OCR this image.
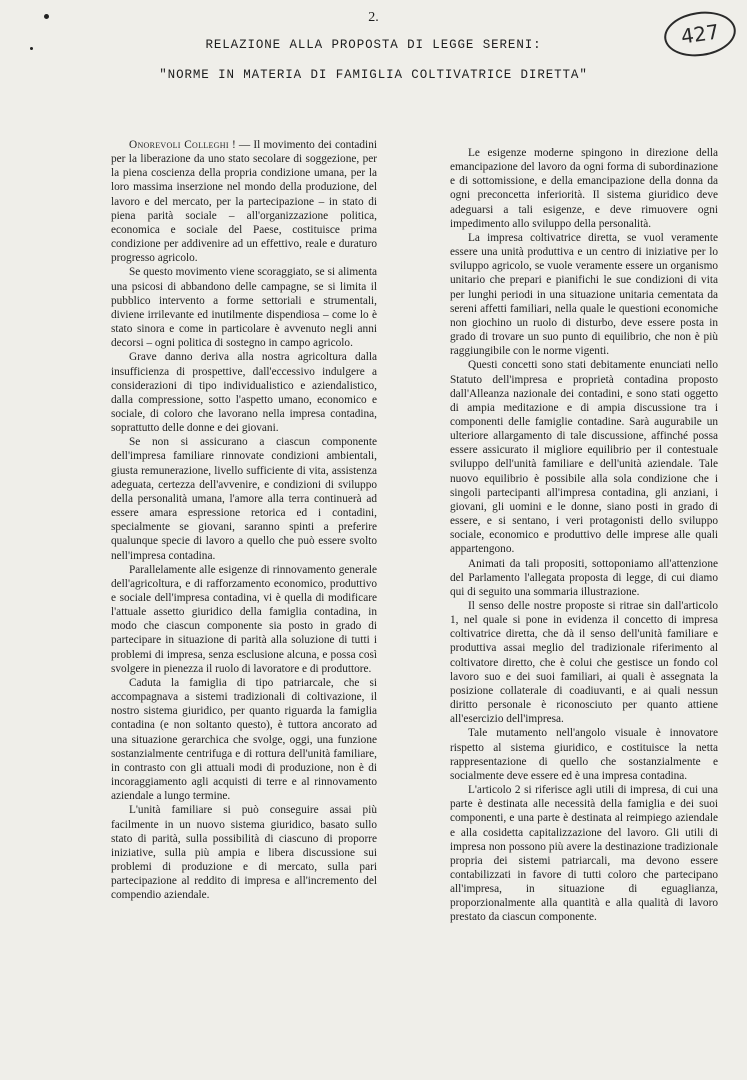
2.
427
RELAZIONE ALLA PROPOSTA DI LEGGE SERENI:
"NORME IN MATERIA DI FAMIGLIA COLTIVATRICE DIRETTA"

Onorevoli Colleghi ! — Il movimento dei contadini per la liberazione da uno stato secolare di soggezione, per la piena coscienza della propria condizione umana, per la loro massima inserzione nel mondo della produzione, del lavoro e del mercato, per la partecipazione – in stato di piena parità sociale – all'organizzazione politica, economica e sociale del Paese, costituisce prima condizione per addivenire ad un effettivo, reale e duraturo progresso agricolo.

Se questo movimento viene scoraggiato, se si alimenta una psicosi di abbandono delle campagne, se si limita il pubblico intervento a forme settoriali e strumentali, diviene irrilevante ed inutilmente dispendiosa – come lo è stato sinora e come in particolare è avvenuto negli anni decorsi – ogni politica di sostegno in campo agricolo.

Grave danno deriva alla nostra agricoltura dalla insufficienza di prospettive, dall'eccessivo indulgere a considerazioni di tipo individualistico e aziendalistico, dalla compressione, sotto l'aspetto umano, economico e sociale, di coloro che lavorano nella impresa contadina, soprattutto delle donne e dei giovani.

Se non si assicurano a ciascun componente dell'impresa familiare rinnovate condizioni ambientali, giusta remunerazione, livello sufficiente di vita, assistenza adeguata, certezza dell'avvenire, e condizioni di sviluppo della personalità umana, l'amore alla terra continuerà ad essere amara espressione retorica ed i contadini, specialmente se giovani, saranno spinti a preferire qualunque specie di lavoro a quello che può essere svolto nell'impresa contadina.

Parallelamente alle esigenze di rinnovamento generale dell'agricoltura, e di rafforzamento economico, produttivo e sociale dell'impresa contadina, vi è quella di modificare l'attuale assetto giuridico della famiglia contadina, in modo che ciascun componente sia posto in grado di partecipare in situazione di parità alla soluzione di tutti i problemi di impresa, senza esclusione alcuna, e possa così svolgere in pienezza il ruolo di lavoratore e di produttore.

Caduta la famiglia di tipo patriarcale, che si accompagnava a sistemi tradizionali di coltivazione, il nostro sistema giuridico, per quanto riguarda la famiglia contadina (e non soltanto questo), è tuttora ancorato ad una situazione gerarchica che svolge, oggi, una funzione sostanzialmente centrifuga e di rottura dell'unità familiare, in contrasto con gli attuali modi di produzione, non è di incoraggiamento agli acquisti di terre e al rinnovamento aziendale a lungo termine.

L'unità familiare si può conseguire assai più facilmente in un nuovo sistema giuridico, basato sullo stato di parità, sulla possibilità di ciascuno di proporre iniziative, sulla più ampia e libera discussione sui problemi di produzione e di mercato, sulla pari partecipazione al reddito di impresa e all'incremento del compendio aziendale.

Le esigenze moderne spingono in direzione della emancipazione del lavoro da ogni forma di subordinazione e di sottomissione, e della emancipazione della donna da ogni preconcetta inferiorità. Il sistema giuridico deve adeguarsi a tali esigenze, e deve rimuovere ogni impedimento allo sviluppo della personalità.

La impresa coltivatrice diretta, se vuol veramente essere una unità produttiva e un centro di iniziative per lo sviluppo agricolo, se vuole veramente essere un organismo unitario che prepari e pianifichi le sue condizioni di vita per lunghi periodi in una situazione unitaria cementata da sereni affetti familiari, nella quale le questioni economiche non giochino un ruolo di disturbo, deve essere posta in grado di trovare un suo punto di equilibrio, che non è più raggiungibile con le norme vigenti.

Questi concetti sono stati debitamente enunciati nello Statuto dell'impresa e proprietà contadina proposto dall'Alleanza nazionale dei contadini, e sono stati oggetto di ampia meditazione e di ampia discussione tra i componenti delle famiglie contadine. Sarà augurabile un ulteriore allargamento di tale discussione, affinché possa essere assicurato il migliore equilibrio per il contestuale sviluppo dell'unità familiare e dell'unità aziendale. Tale nuovo equilibrio è possibile alla sola condizione che i singoli partecipanti all'impresa contadina, gli anziani, i giovani, gli uomini e le donne, siano posti in grado di essere, e si sentano, i veri protagonisti dello sviluppo sociale, economico e produttivo delle imprese alle quali appartengono.

Animati da tali propositi, sottoponiamo all'attenzione del Parlamento l'allegata proposta di legge, di cui diamo qui di seguito una sommaria illustrazione.

Il senso delle nostre proposte si ritrae sin dall'articolo 1, nel quale si pone in evidenza il concetto di impresa coltivatrice diretta, che dà il senso dell'unità familiare e produttiva assai meglio del tradizionale riferimento al coltivatore diretto, che è colui che gestisce un fondo col lavoro suo e dei suoi familiari, ai quali è assegnata la posizione collaterale di coadiuvanti, e ai quali nessun diritto personale è riconosciuto per quanto attiene all'esercizio dell'impresa.

Tale mutamento nell'angolo visuale è innovatore rispetto al sistema giuridico, e costituisce la netta rappresentazione di quello che sostanzialmente e socialmente deve essere ed è una impresa contadina.

L'articolo 2 si riferisce agli utili di impresa, di cui una parte è destinata alle necessità della famiglia e dei suoi componenti, e una parte è destinata al reimpiego aziendale e alla cosidetta capitalizzazione del lavoro. Gli utili di impresa non possono più avere la destinazione tradizionale propria dei sistemi patriarcali, ma devono essere contabilizzati in favore di tutti coloro che partecipano all'impresa, in situazione di eguaglianza, proporzionalmente alla quantità e alla qualità di lavoro prestato da ciascun componente.
